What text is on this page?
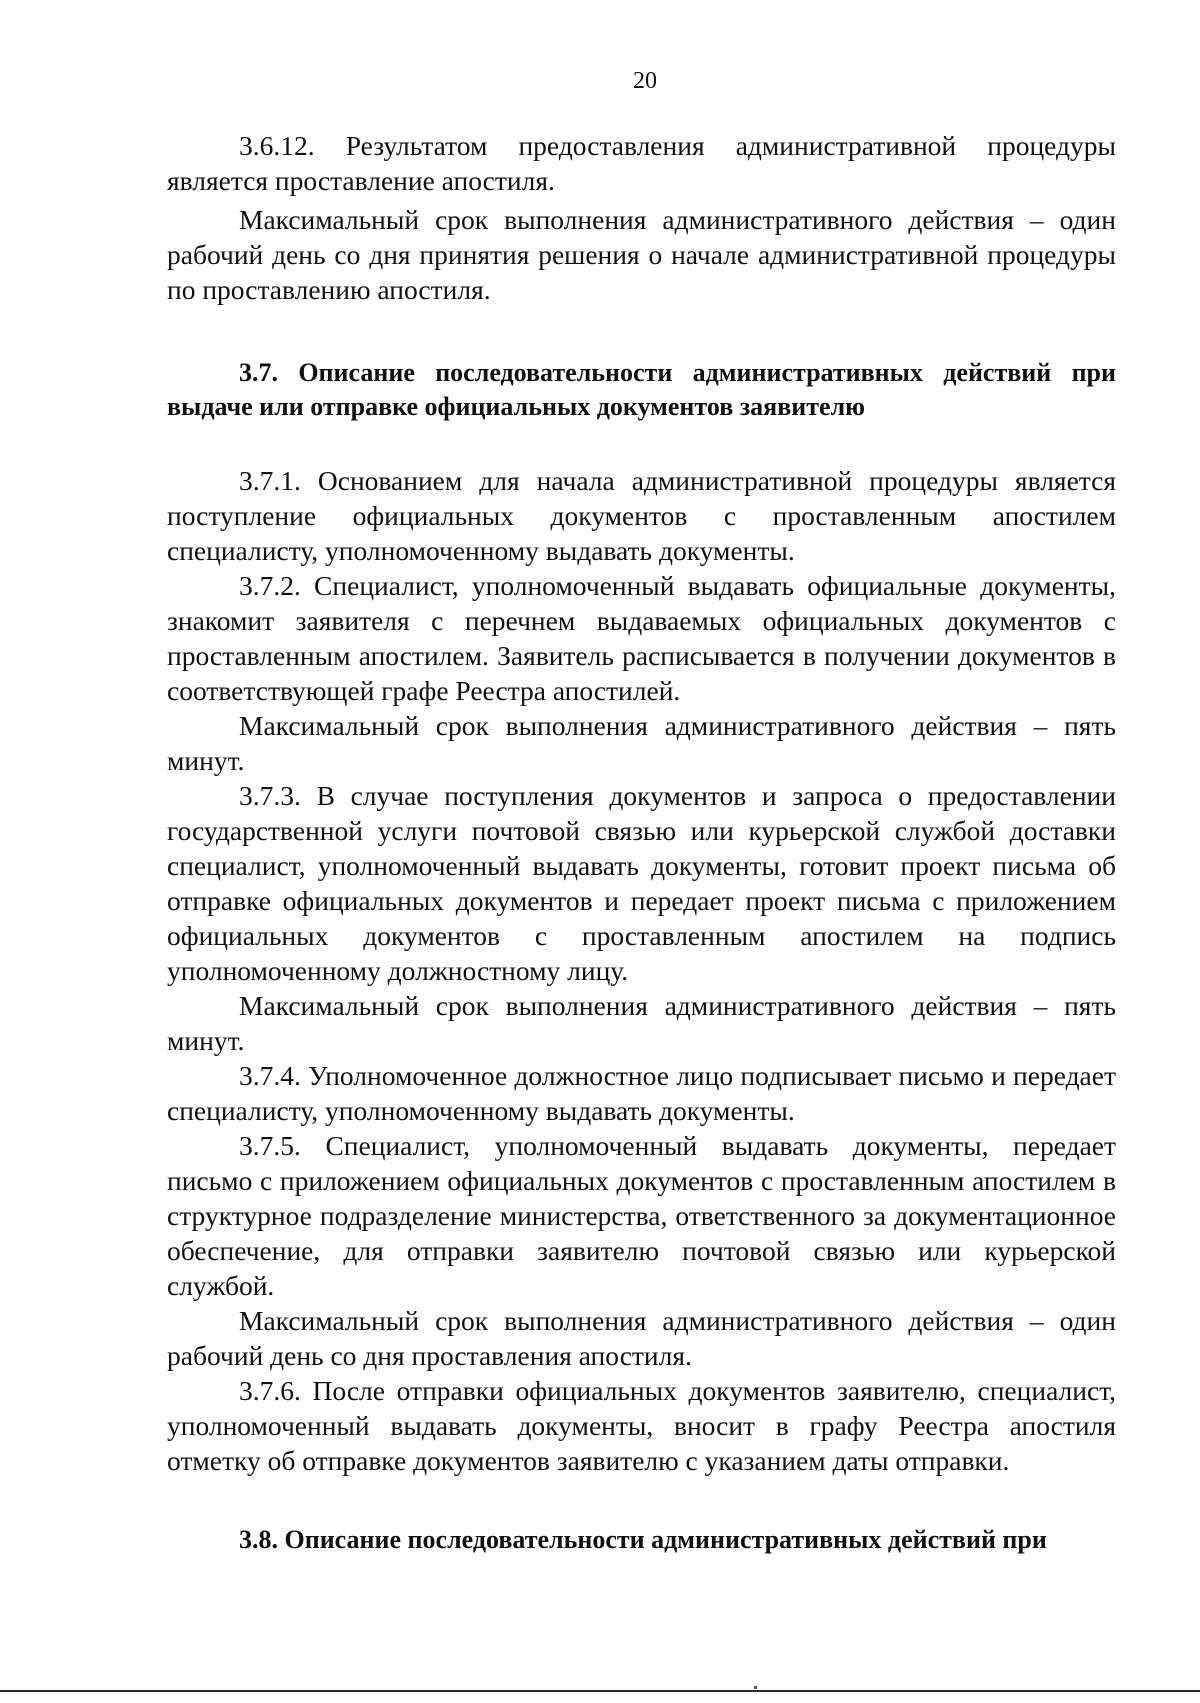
20

3.6.12. Результатом предоставления административной процедуры является проставление апостиля.

Максимальный срок выполнения административного действия – один рабочий день со дня принятия решения о начале административной процедуры по проставлению апостиля.

3.7. Описание последовательности административных действий при выдаче или отправке официальных документов заявителю

3.7.1. Основанием для начала административной процедуры является поступление официальных документов с проставленным апостилем специалисту, уполномоченному выдавать документы.

3.7.2. Специалист, уполномоченный выдавать официальные документы, знакомит заявителя с перечнем выдаваемых официальных документов с проставленным апостилем. Заявитель расписывается в получении документов в соответствующей графе Реестра апостилей.

Максимальный срок выполнения административного действия – пять минут.

3.7.3. В случае поступления документов и запроса о предоставлении государственной услуги почтовой связью или курьерской службой доставки специалист, уполномоченный выдавать документы, готовит проект письма об отправке официальных документов и передает проект письма с приложением официальных документов с проставленным апостилем на подпись уполномоченному должностному лицу.

Максимальный срок выполнения административного действия – пять минут.

3.7.4. Уполномоченное должностное лицо подписывает письмо и передает специалисту, уполномоченному выдавать документы.

3.7.5. Специалист, уполномоченный выдавать документы, передает письмо с приложением официальных документов с проставленным апостилем в структурное подразделение министерства, ответственного за документационное обеспечение, для отправки заявителю почтовой связью или курьерской службой.

Максимальный срок выполнения административного действия – один рабочий день со дня проставления апостиля.

3.7.6. После отправки официальных документов заявителю, специалист, уполномоченный выдавать документы, вносит в графу Реестра апостиля отметку об отправке документов заявителю с указанием даты отправки.

3.8. Описание последовательности административных действий при
